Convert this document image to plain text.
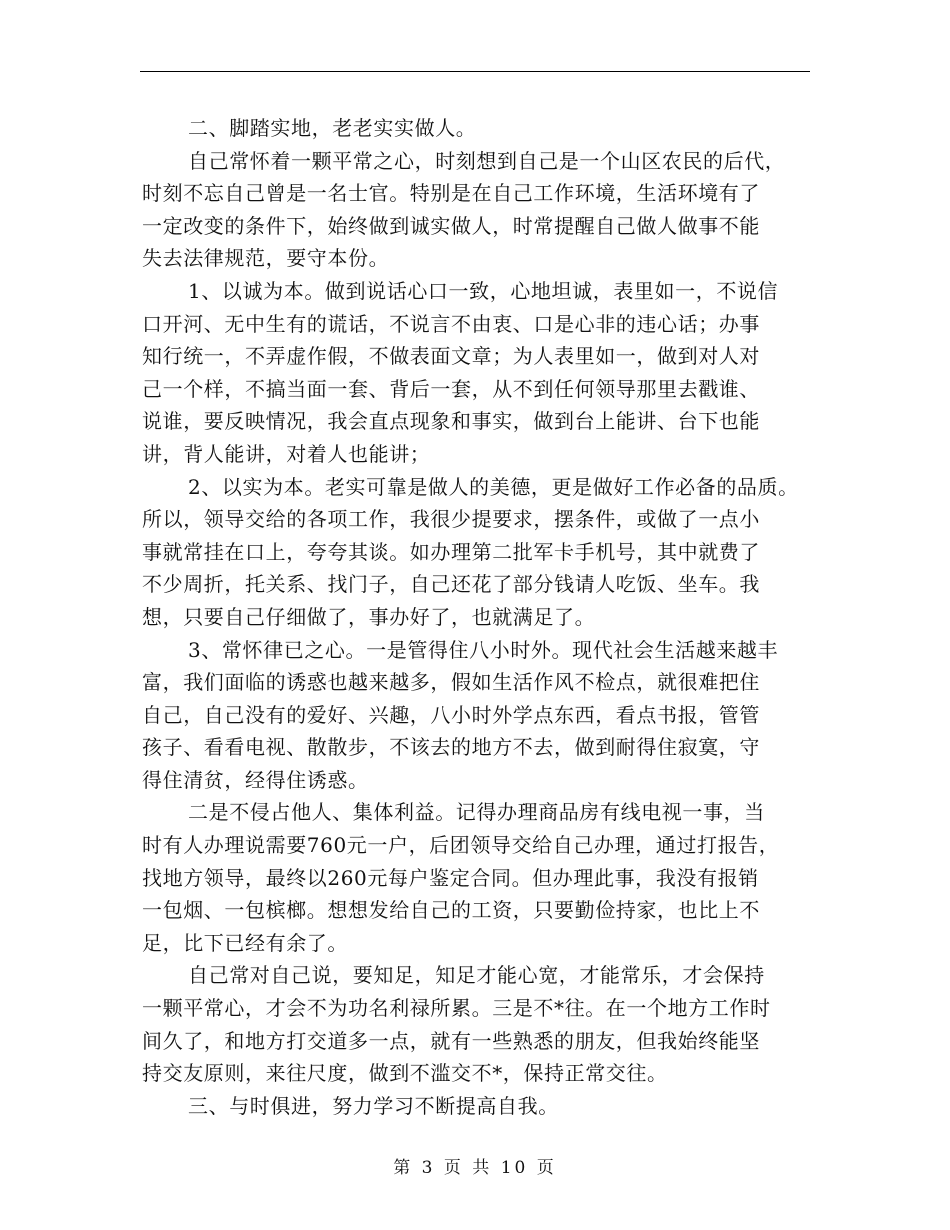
二、脚踏实地，老老实实做人。
自己常怀着一颗平常之心，时刻想到自己是一个山区农民的后代，
时刻不忘自己曾是一名士官。特别是在自己工作环境，生活环境有了
一定改变的条件下，始终做到诚实做人，时常提醒自己做人做事不能
失去法律规范，要守本份。
1、以诚为本。做到说话心口一致，心地坦诚，表里如一，不说信
口开河、无中生有的谎话，不说言不由衷、口是心非的违心话；办事
知行统一，不弄虚作假，不做表面文章；为人表里如一，做到对人对
己一个样，不搞当面一套、背后一套，从不到任何领导那里去戳谁、
说谁，要反映情况，我会直点现象和事实，做到台上能讲、台下也能
讲，背人能讲，对着人也能讲；
2、以实为本。老实可靠是做人的美德，更是做好工作必备的品质。
所以，领导交给的各项工作，我很少提要求，摆条件，或做了一点小
事就常挂在口上，夸夸其谈。如办理第二批军卡手机号，其中就费了
不少周折，托关系、找门子，自己还花了部分钱请人吃饭、坐车。我
想，只要自己仔细做了，事办好了，也就满足了。
3、常怀律已之心。一是管得住八小时外。现代社会生活越来越丰
富，我们面临的诱惑也越来越多，假如生活作风不检点，就很难把住
自己，自己没有的爱好、兴趣，八小时外学点东西，看点书报，管管
孩子、看看电视、散散步，不该去的地方不去，做到耐得住寂寞，守
得住清贫，经得住诱惑。
二是不侵占他人、集体利益。记得办理商品房有线电视一事，当
时有人办理说需要760元一户，后团领导交给自己办理，通过打报告，
找地方领导，最终以260元每户鉴定合同。但办理此事，我没有报销
一包烟、一包槟榔。想想发给自己的工资，只要勤俭持家，也比上不
足，比下已经有余了。
自己常对自己说，要知足，知足才能心宽，才能常乐，才会保持
一颗平常心，才会不为功名利禄所累。三是不*往。在一个地方工作时
间久了，和地方打交道多一点，就有一些熟悉的朋友，但我始终能坚
持交友原则，来往尺度，做到不滥交不*，保持正常交往。
三、与时俱进，努力学习不断提高自我。
第 3 页 共 10 页
